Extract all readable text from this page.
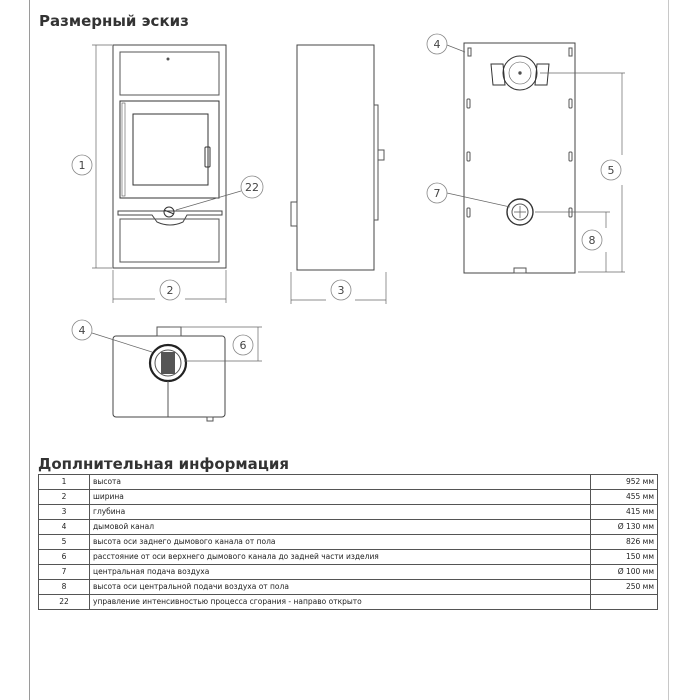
Размерный эскиз
1
2	3
4
5
7
8
22
4
6
Доплнительная информация
1	высота	952 мм
2	ширина	455 мм
3	глубина	415 мм
4	дымовой канал	Ø 130 мм
5	высота оси заднего дымового канала от пола	826 мм
6	расстояние от оси верхнего дымового канала до задней части изделия	150 мм
7	центральная подача воздуха	Ø 100 мм
8	высота оси центральной подачи воздуха от пола	250 мм
22	управление интенсивностью процесса сгорания - направо открыто	
